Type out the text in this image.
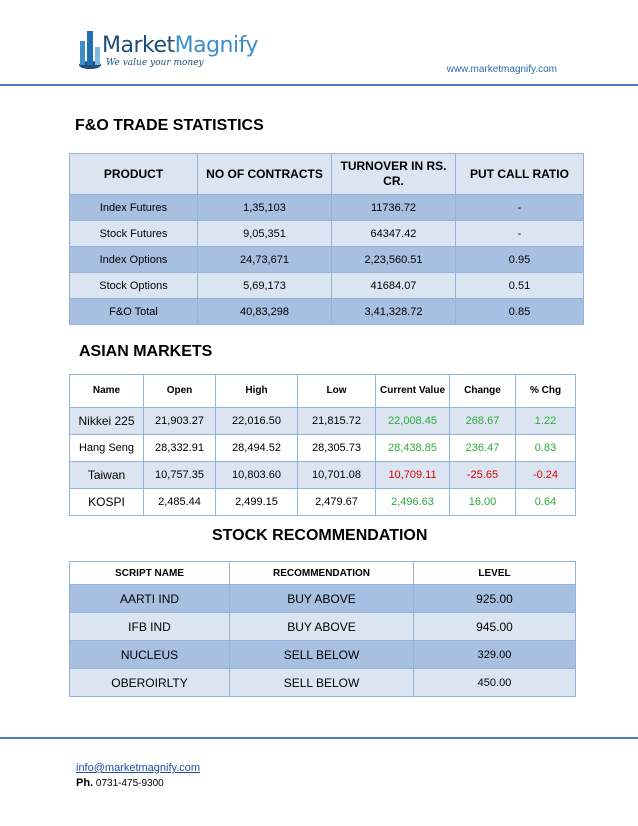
MarketMagnify
We value your money
www.marketmagnify.com
F&O TRADE STATISTICS
PRODUCT	NO OF CONTRACTS	TURNOVER IN RS. CR.	PUT CALL RATIO
Index Futures	1,35,103	11736.72	-
Stock Futures	9,05,351	64347.42	-
Index Options	24,73,671	2,23,560.51	0.95
Stock Options	5,69,173	41684.07	0.51
F&O Total	40,83,298	3,41,328.72	0.85
ASIAN MARKETS
Name	Open	High	Low	Current Value	Change	% Chg
Nikkei 225	21,903.27	22,016.50	21,815.72	22,008.45	268.67	1.22
Hang Seng	28,332.91	28,494.52	28,305.73	28,438.85	236.47	0.83
Taiwan	10,757.35	10,803.60	10,701.08	10,709.11	-25.65	-0.24
KOSPI	2,485.44	2,499.15	2,479.67	2,496.63	16.00	0.64
STOCK RECOMMENDATION
SCRIPT NAME	RECOMMENDATION	LEVEL
AARTI IND	BUY ABOVE	925.00
IFB IND	BUY ABOVE	945.00
NUCLEUS	SELL BELOW	329.00
OBEROIRLTY	SELL BELOW	450.00
info@marketmagnify.com
Ph. 0731-475-9300
